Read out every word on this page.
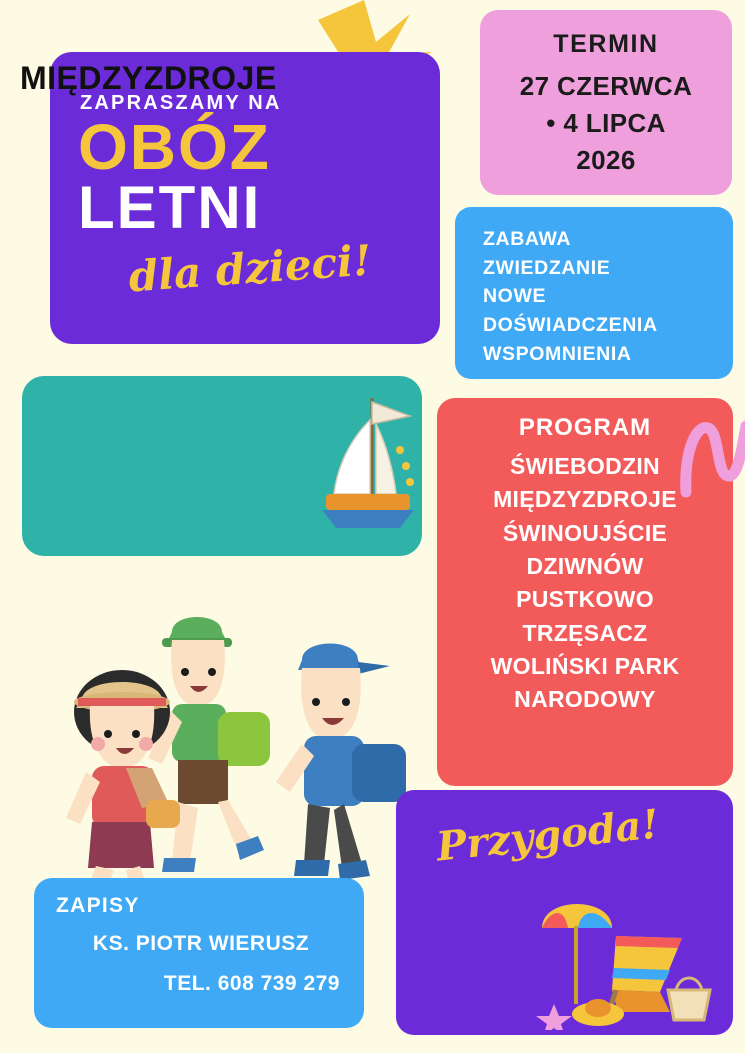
ZAPRASZAMY NA
OBÓZ
LETNI
dla dzieci!
TERMIN
27 CZERWCA
• 4 LIPCA
2026
ZABAWA
ZWIEDZANIE
NOWE
DOŚWIADCZENIA
WSPOMNIENIA
MIĘDZYZDROJE
PROGRAM
ŚWIEBODZIN
MIĘDZYZDROJE
ŚWINOUJŚCIE
DZIWNÓW
PUSTKOWO
TRZĘSACZ
WOLIŃSKI PARK
NARODOWY
Przygoda!
ZAPISY
KS. PIOTR WIERUSZ
TEL. 608 739 279
